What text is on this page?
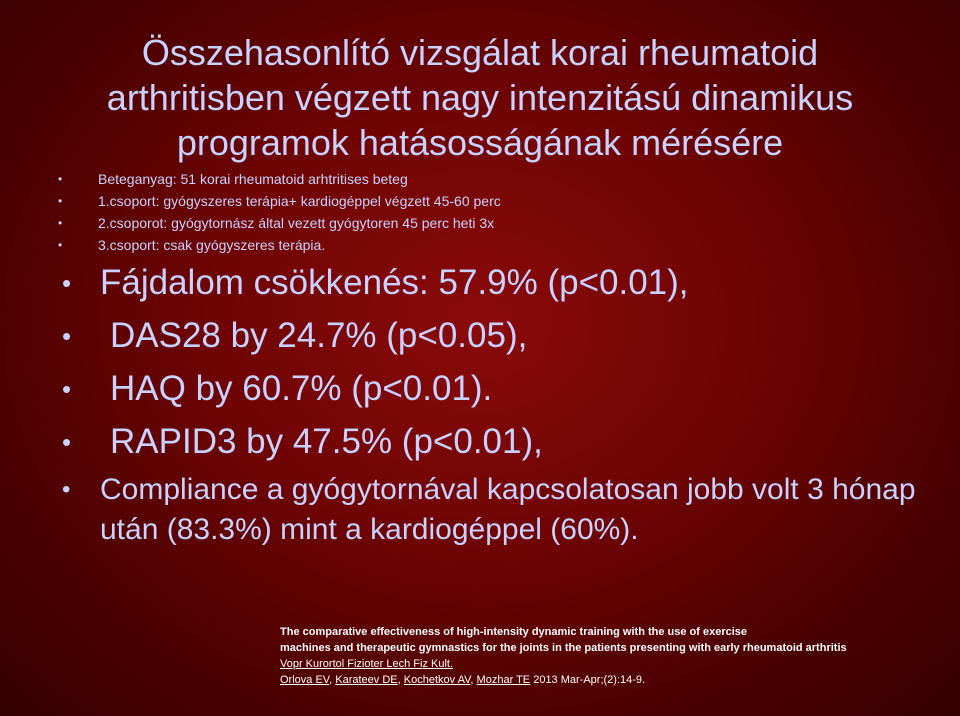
Összehasonlító vizsgálat korai rheumatoid
arthritisben végzett nagy intenzitású dinamikus
programok hatásosságának mérésére
•	Beteganyag: 51 korai rheumatoid arhtritises beteg
•	1.csoport: gyógyszeres terápia+ kardiogéppel végzett 45-60 perc
•	2.csoporot: gyógytornász által vezett gyógytoren 45 perc heti 3x
•	3.csoport: csak gyógyszeres terápia.
• Fájdalom csökkenés: 57.9% (p<0.01),
• DAS28 by 24.7% (p<0.05),
• HAQ by 60.7% (p<0.01).
• RAPID3 by 47.5% (p<0.01),
• Compliance a gyógytornával kapcsolatosan jobb volt 3 hónap után (83.3%) mint a kardiogéppel (60%).
The comparative effectiveness of high-intensity dynamic training with the use of exercise
machines and therapeutic gymnastics for the joints in the patients presenting with early rheumatoid arthritis
Vopr Kurortol Fizioter Lech Fiz Kult.
Orlova EV, Karateev DE, Kochetkov AV, Mozhar TE 2013 Mar-Apr;(2):14-9.
